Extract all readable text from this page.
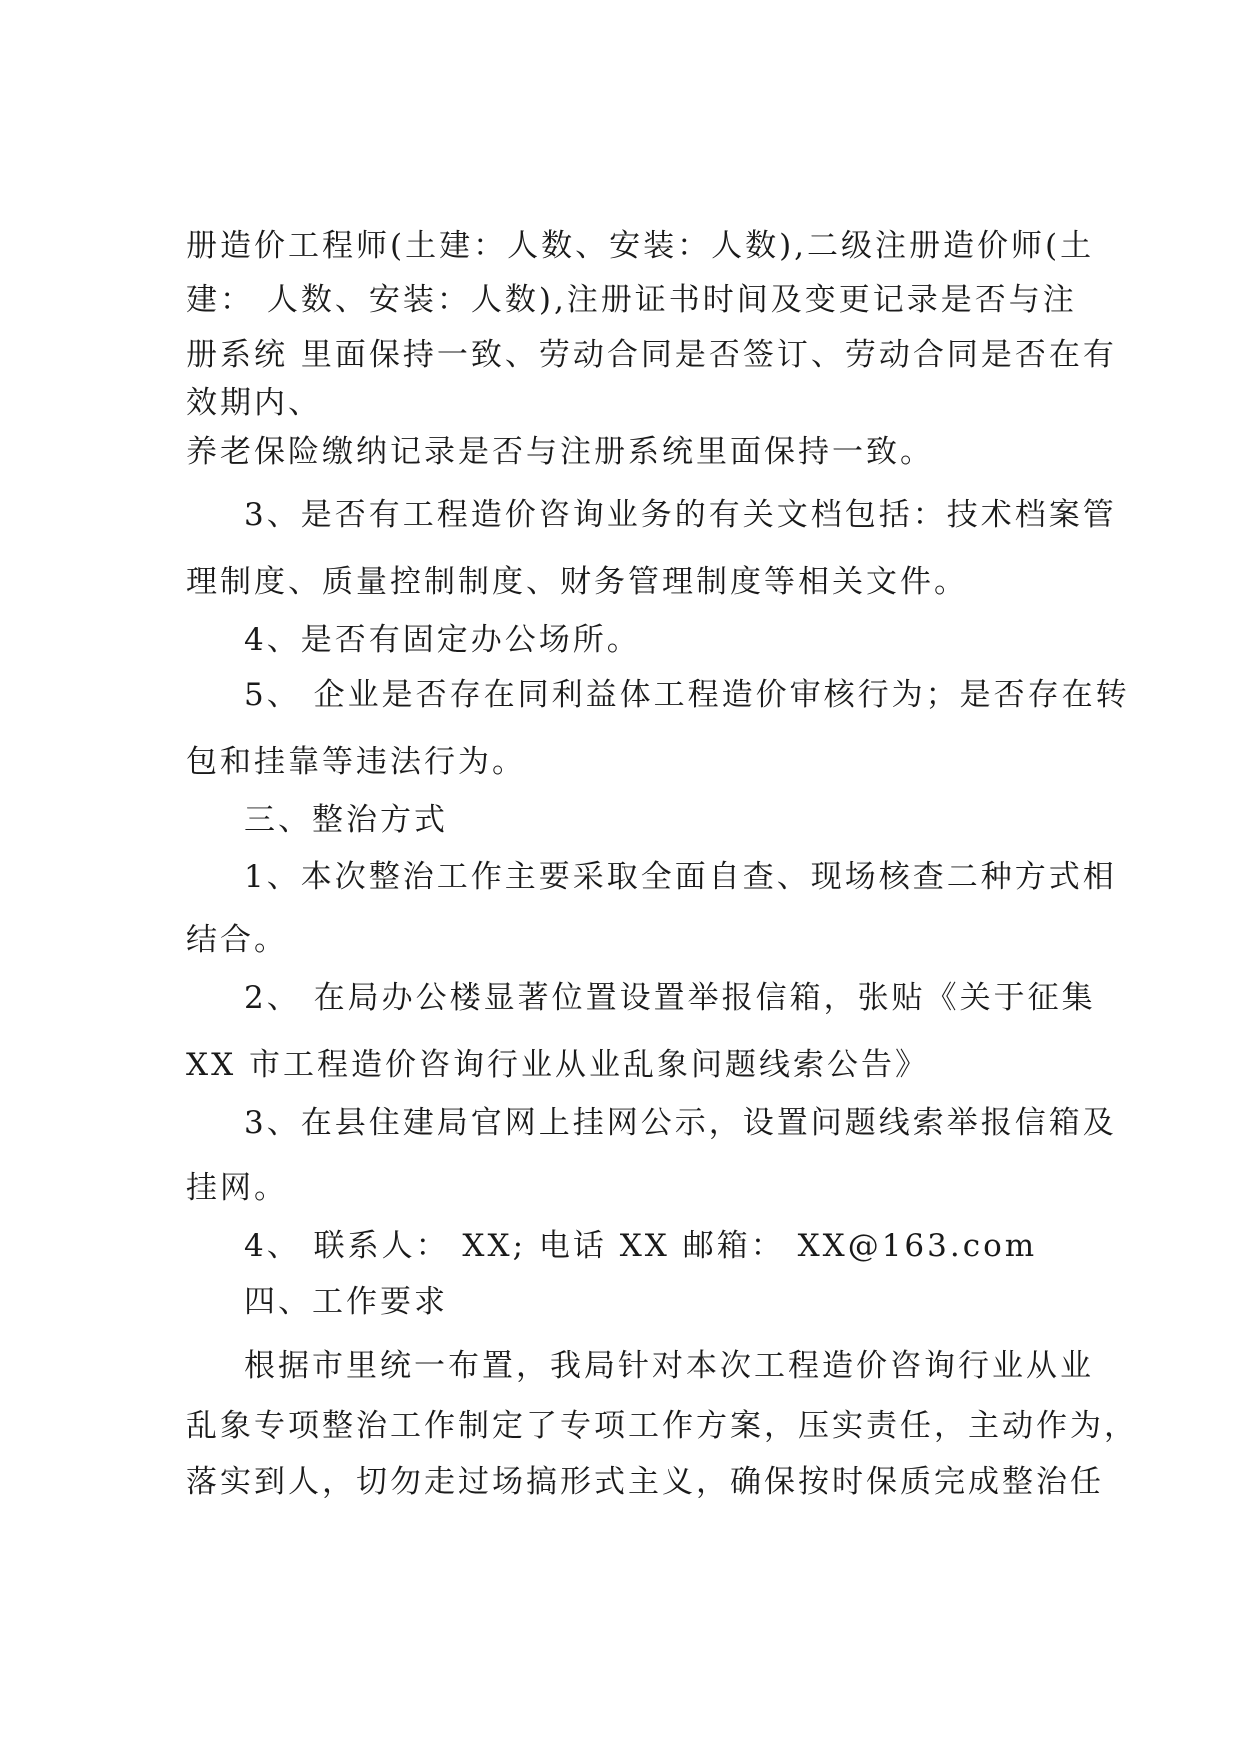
册造价工程师(土建：人数、安装：人数),二级注册造价师(土
建： 人数、安装：人数),注册证书时间及变更记录是否与注
册系统 里面保持一致、劳动合同是否签订、劳动合同是否在有
效期内、
养老保险缴纳记录是否与注册系统里面保持一致。
3、是否有工程造价咨询业务的有关文档包括：技术档案管
理制度、质量控制制度、财务管理制度等相关文件。
4、是否有固定办公场所。
5、 企业是否存在同利益体工程造价审核行为；是否存在转
包和挂靠等违法行为。
三、整治方式
1、本次整治工作主要采取全面自查、现场核查二种方式相
结合。
2、 在局办公楼显著位置设置举报信箱，张贴《关于征集
XX 市工程造价咨询行业从业乱象问题线索公告》
3、在县住建局官网上挂网公示，设置问题线索举报信箱及
挂网。
4、 联系人： XX; 电话 XX 邮箱： XX@163.com
四、工作要求
根据市里统一布置，我局针对本次工程造价咨询行业从业
乱象专项整治工作制定了专项工作方案，压实责任，主动作为，
落实到人，切勿走过场搞形式主义，确保按时保质完成整治任
